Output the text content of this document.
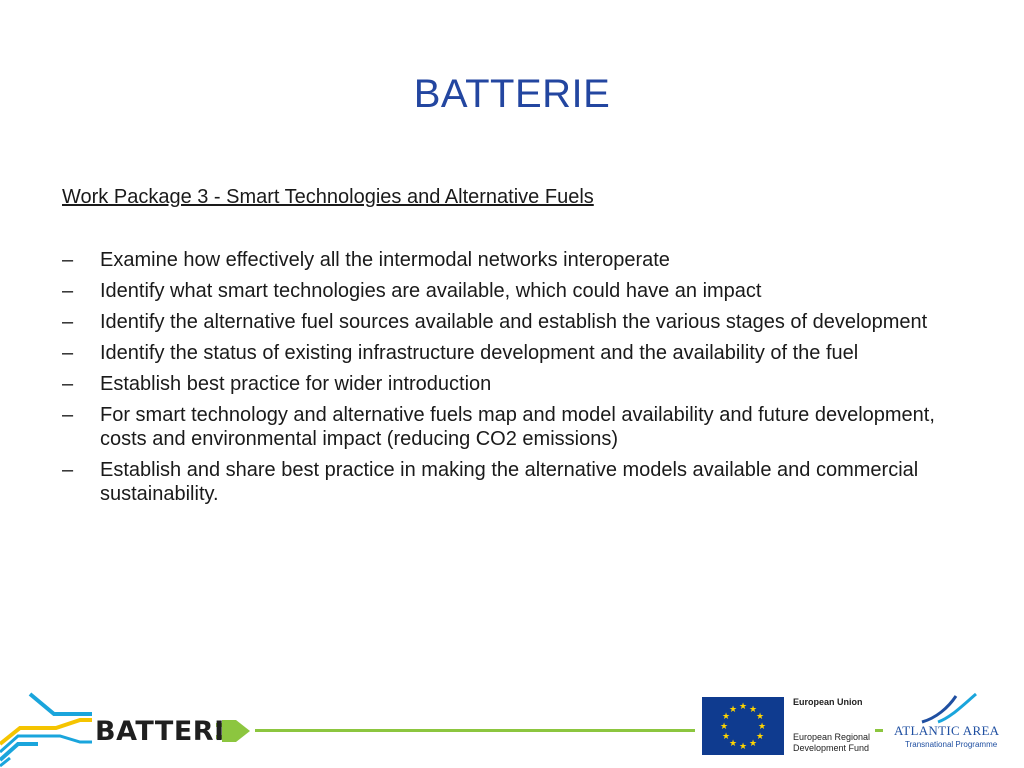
BATTERIE
Work Package 3 - Smart Technologies and Alternative Fuels
–	Examine how effectively all the intermodal networks interoperate
–	Identify what smart technologies are available, which could have an impact
–	Identify the alternative fuel sources available and establish the various stages of development
–	Identify the status of existing infrastructure development and the availability of the fuel
–	Establish best practice for wider introduction
–	For smart technology and alternative fuels map and model availability and future development, costs and environmental impact (reducing CO2 emissions)
–	Establish and share best practice in making the alternative models available and commercial sustainability.
BATTERI
★ ★
★
★
★
★
★
★
★
★
★
★
European Union
European Regional Development Fund
ATLANTIC AREA
Transnational Programme
